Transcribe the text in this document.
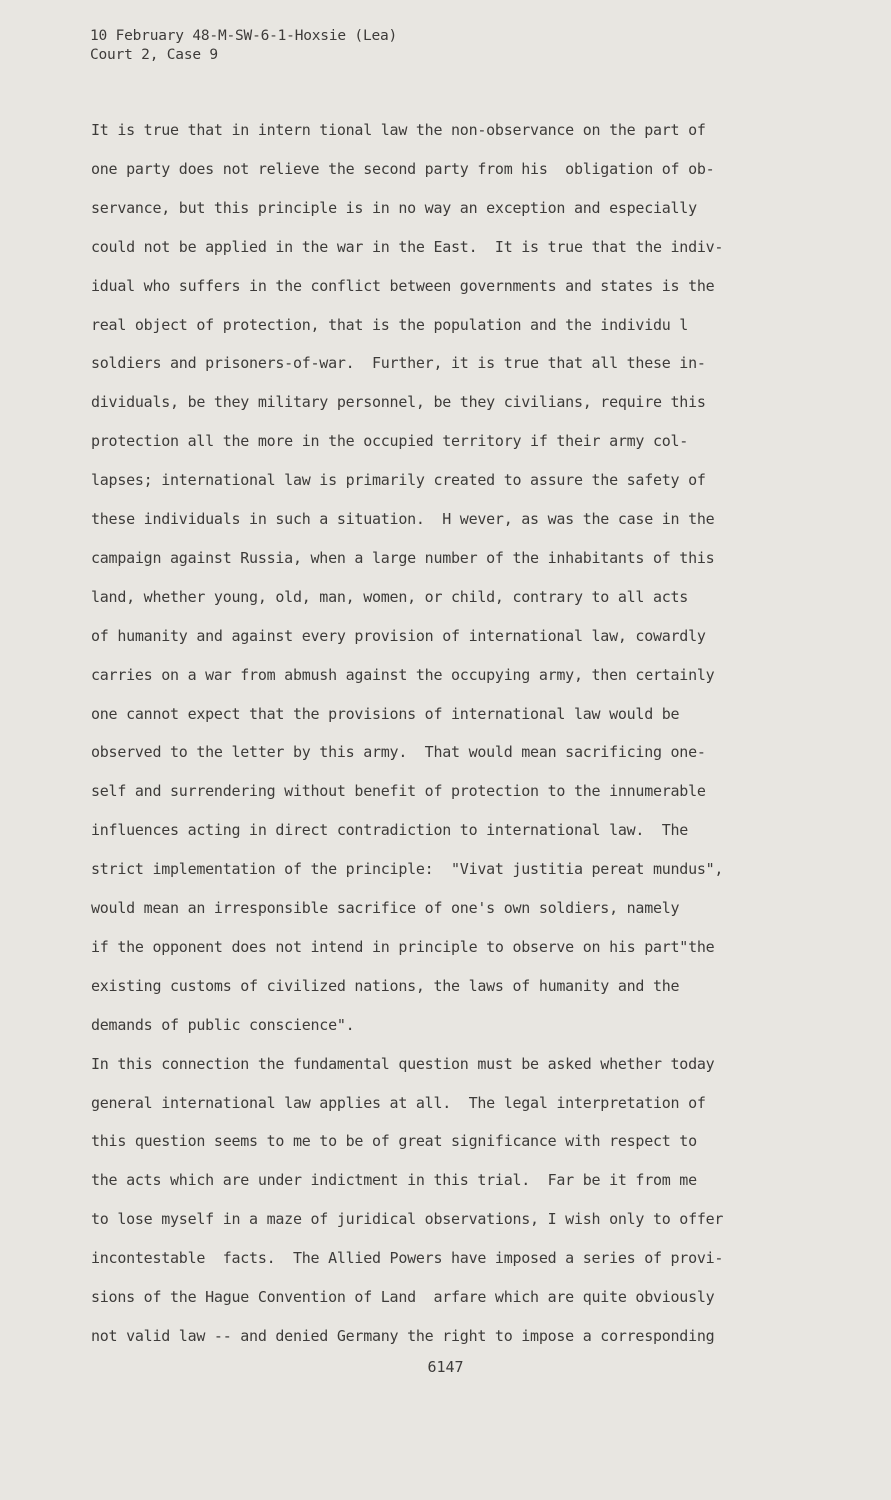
10 February 48-M-SW-6-1-Hoxsie (Lea)
Court 2, Case 9
It is true that in intern tional law the non-observance on the part of
one party does not relieve the second party from his  obligation of ob-
servance, but this principle is in no way an exception and especially
could not be applied in the war in the East.  It is true that the indiv-
idual who suffers in the conflict between governments and states is the
real object of protection, that is the population and the individu l
soldiers and prisoners-of-war.  Further, it is true that all these in-
dividuals, be they military personnel, be they civilians, require this
protection all the more in the occupied territory if their army col-
lapses; international law is primarily created to assure the safety of
these individuals in such a situation.  H wever, as was the case in the
campaign against Russia, when a large number of the inhabitants of this
land, whether young, old, man, women, or child, contrary to all acts
of humanity and against every provision of international law, cowardly
carries on a war from abmush against the occupying army, then certainly
one cannot expect that the provisions of international law would be
observed to the letter by this army.  That would mean sacrificing one-
self and surrendering without benefit of protection to the innumerable
influences acting in direct contradiction to international law.  The
strict implementation of the principle:  "Vivat justitia pereat mundus",
would mean an irresponsible sacrifice of one's own soldiers, namely
if the opponent does not intend in principle to observe on his part"the
existing customs of civilized nations, the laws of humanity and the
demands of public conscience".
In this connection the fundamental question must be asked whether today
general international law applies at all.  The legal interpretation of
this question seems to me to be of great significance with respect to
the acts which are under indictment in this trial.  Far be it from me
to lose myself in a maze of juridical observations, I wish only to offer
incontestable  facts.  The Allied Powers have imposed a series of provi-
sions of the Hague Convention of Land  arfare which are quite obviously
not valid law -- and denied Germany the right to impose a corresponding
6147
